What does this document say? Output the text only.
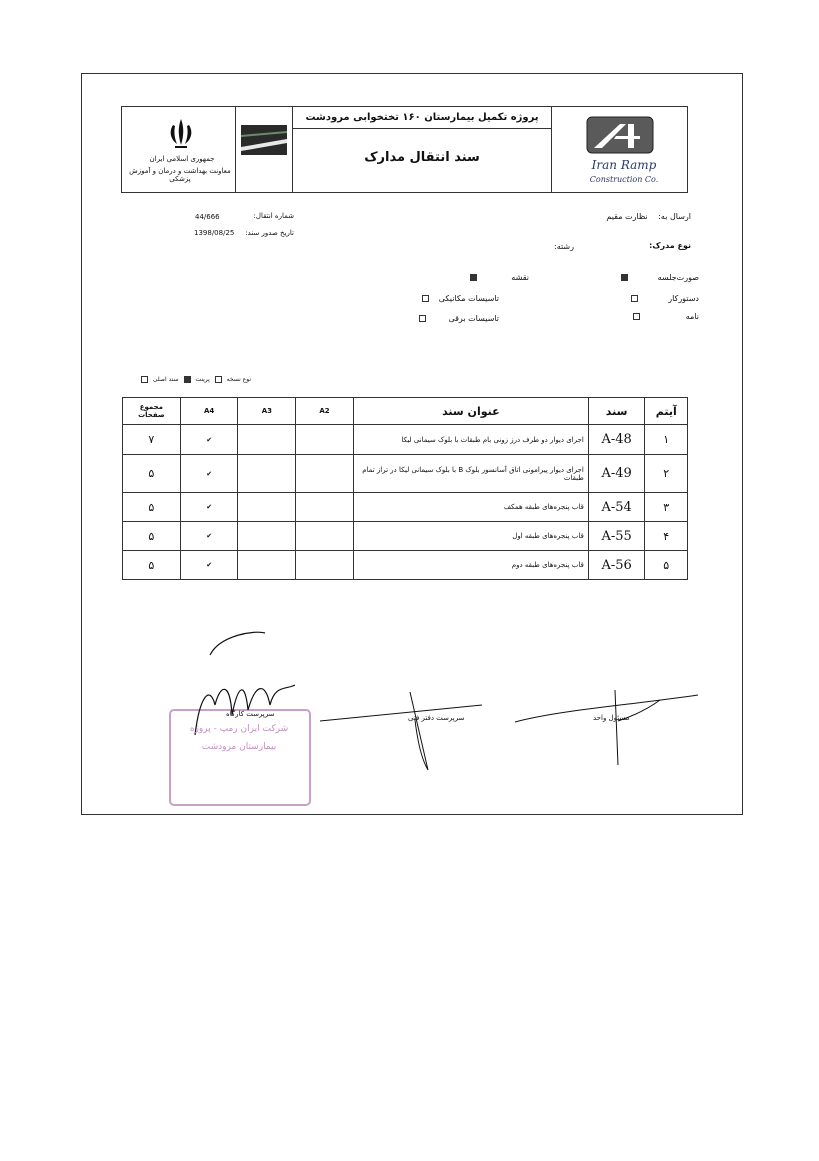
جمهوری اسلامی ایران
معاونت بهداشت و درمان و آموزش پزشکی
پروژه تکمیل بیمارستان ۱۶۰ تختخوابی مرودشت
سند انتقال مدارک	Iran Ramp
Construction Co.
ارسال به: نظارت مقیم
نوع مدرک:
رشته:
شماره انتقال:
44/666
تاریخ صدور سند:
1398/08/25
صورت‌جلسه
نقشه
دستورکار
تاسیسات مکانیکی
نامه
تاسیسات برقی
نوع نسخه  پرینت  سند اصلی
آیتم	سند	عنوان سند	A2	A3	A4	مجموع صفحات
۱	A-48	اجرای دیوار دو طرف درز زونی بام طبقات با بلوک سیمانی لیکا			✔	۷
۲	A-49	اجرای دیوار پیرامونی اتاق آسانسور بلوک B با بلوک سیمانی لیکا در تراز تمام طبقات			✔	۵
۳	A-54	قاب پنجره‌های طبقه همکف			✔	۵
۴	A-55	قاب پنجره‌های طبقه اول			✔	۵
۵	A-56	قاب پنجره‌های طبقه دوم			✔	۵
مسئول واحد
سرپرست دفتر فنی
سرپرست کارگاه
شرکت ایران رمپ - پروژه بیمارستان مرودشت
